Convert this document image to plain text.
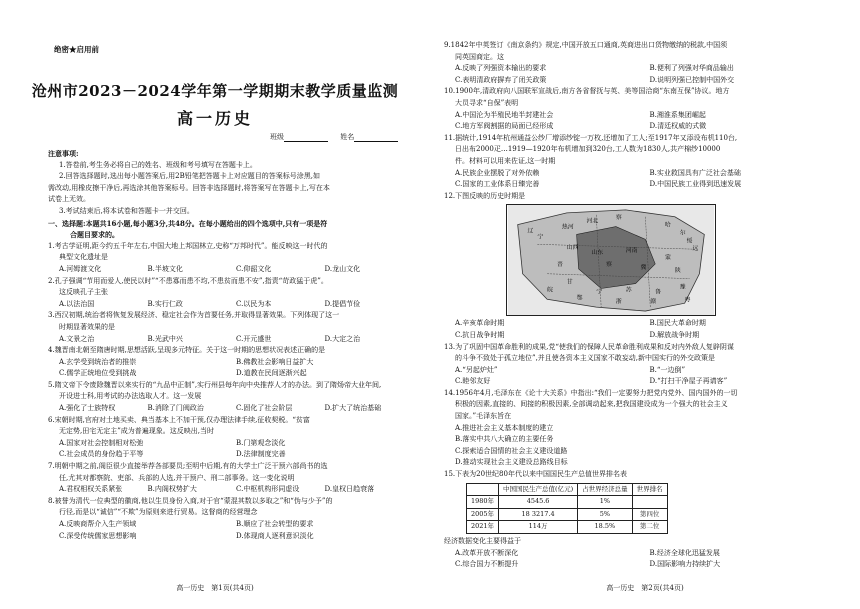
绝密★启用前
沧州市2023－2024学年第一学期期末教学质量监测
高一历史
班级	姓名
注意事项:
1.答卷前,考生务必将自己的姓名、班级和考号填写在答题卡上。
2.回答选择题时,选出每小题答案后,用2B铅笔把答题卡上对应题目的答案标号涂黑,如
需改动,用橡皮擦干净后,再选涂其他答案标号。回答非选择题时,将答案写在答题卡上,写在本
试卷上无效。
3.考试结束后,将本试卷和答题卡一并交回。
一、选择题:本题共16小题,每小题3分,共48分。在每小题给出的四个选项中,只有一项是符
合题目要求的。
1.考古学证明,距今约五千年左右,中国大地上邦国林立,史称“万邦时代”。能反映这一时代的
典型文化遗址是
A.河姆渡文化	B.半坡文化	C.仰韶文化	D.龙山文化
2.孔子强调“节用而爱人,使民以时”“不患寡而患不均,不患贫而患不安”,指责“苛政猛于虎”。
这反映孔子主张
A.以法治国	B.实行仁政	C.以民为本	D.提倡节俭
3.西汉初期,统治者将恢复发展经济、稳定社会作为首要任务,并取得显著效果。下列体现了这一
时期显著效果的是
A.文景之治	B.光武中兴	C.开元盛世	D.大定之治
4.魏晋南北朝至隋唐时期,思想活跃,呈现多元特征。关于这一时期的思想状况表述正确的是
A.玄学受到统治者的推崇	B.佛教社会影响日益扩大
C.儒学正统地位受到挑战	D.道教在民间逐渐兴起
5.隋文帝下令废除魏晋以来实行的“九品中正制”,实行州县每年向中央推荐人才的办法。到了隋炀帝大业年间,
开设进士科,用考试的办法选取人才。这一发展
A.强化了士族特权	B.消除了门阀政治	C.固化了社会阶层	D.扩大了统治基础
6.宋朝时期,官府对土地买卖、典当基本上不加干预,仅办理法律手续,征收契税。“贫富
无定势,田宅无定主”成为普遍现象。这反映出,当时
A.国家对社会控制相对松弛	B.门第观念淡化
C.社会成员的身份趋于平等	D.法律制度完善
7.明朝中期之前,阁臣很少直接举荐各部要员;至明中后期,有的大学士广泛干预六部尚书的选
任,尤其对都察院、吏部、兵部的人选,并干预户、刑二部事务。这一变化说明
A.君权相权关系紧张	B.内阁权势扩大	C.中枢机构形同虚设	D.皇权日趋衰落
8.被誉为清代一位典型的徽商,他以生员身份入商,对于官“蒙混其数以多取之”和“伪与少予”的
行径,而是以“诚信”“不欺”为原则来进行贸易。这督商的经营理念
A.反映商帮介入生产领域	B.顺应了社会转型的要求
C.深受传统儒家思想影响	D.体现商人逐利意识淡化
高一历史　第1页(共4页)
9.1842年中英签订《南京条约》规定,中国开放五口通商,英商进出口货物缴纳的税款,中国须
同英国商定。这
A.反映了列强资本输出的要求	B.便利了列强对华商品输出
C.表明清政府摒弃了闭关政策	D.说明列强已控制中国外交
10.1900年,清政府向八国联军宣战后,南方各省督抚与英、美等国洽商“东南互保”协议。地方
大员寻求“自保”表明
A.中国沦为半殖民地半封建社会	B.湘淮系集团崛起
C.地方军阀割据的局面已经形成	D.清廷权威的式微
11.据统计,1914年杭州通益公纱厂增添纱锭一万枚,还增加了工人;至1917年又添设布机110台,
日出布2000疋…1919—1920年布机增加到320台,工人数为1830人,共产棉纱10000
件。材料可以用来佐证,这一时期
A.民族企业摆脱了对外依赖	B.实业救国具有广泛社会基础
C.国家的工业体系日臻完善	D.中国民族工业得到迅速发展
12.下图反映的历史时期是
辽
宁
热河
河北
察
哈
尔
绥
远
山西
山东	河南
蒙
晋	察	冀	陕
甘
宁	苏	鲁
豫
皖
鄂
浙	赣	粤
A.辛亥革命时期	B.国民大革命时期
C.抗日战争时期	D.解放战争时期
13.为了巩固中国革命胜利的成果,党“使我们的保障人民革命胜利成果和反对内外敌人复辟阴谋
的斗争不致处于孤立地位”,并且使各资本主义国家不敢妄动,新中国实行的外交政策是
A.“另起炉灶”	B.“一边倒”
C.睦邻友好	D.“打扫干净屋子再请客”
14.1956年4月,毛泽东在《论十大关系》中指出:“我们一定要努力把党内党外、国内国外的一切
积极的因素,直接的、间接的积极因素,全部调动起来,把我国建设成为一个强大的社会主义
国家。”毛泽东旨在
A.推进社会主义基本制度的建立
B.落实中共八大确立的主要任务
C.探索适合国情的社会主义建设道路
D.推动实现社会主义建设总路线目标
15.下表为20世纪80年代以来中国国民生产总值世界排名表
	中国国民生产总值(亿元)	占世界经济总量	世界排名
1980年	4545.6	1%	
2005年	18 3217.4	5%	第四位
2021年	114万	18.5%	第二位
经济数据变化主要得益于
A.改革开放不断深化	B.经济全球化迅猛发展
C.综合国力不断提升	D.国际影响力持续扩大
高一历史　第2页(共4页)
